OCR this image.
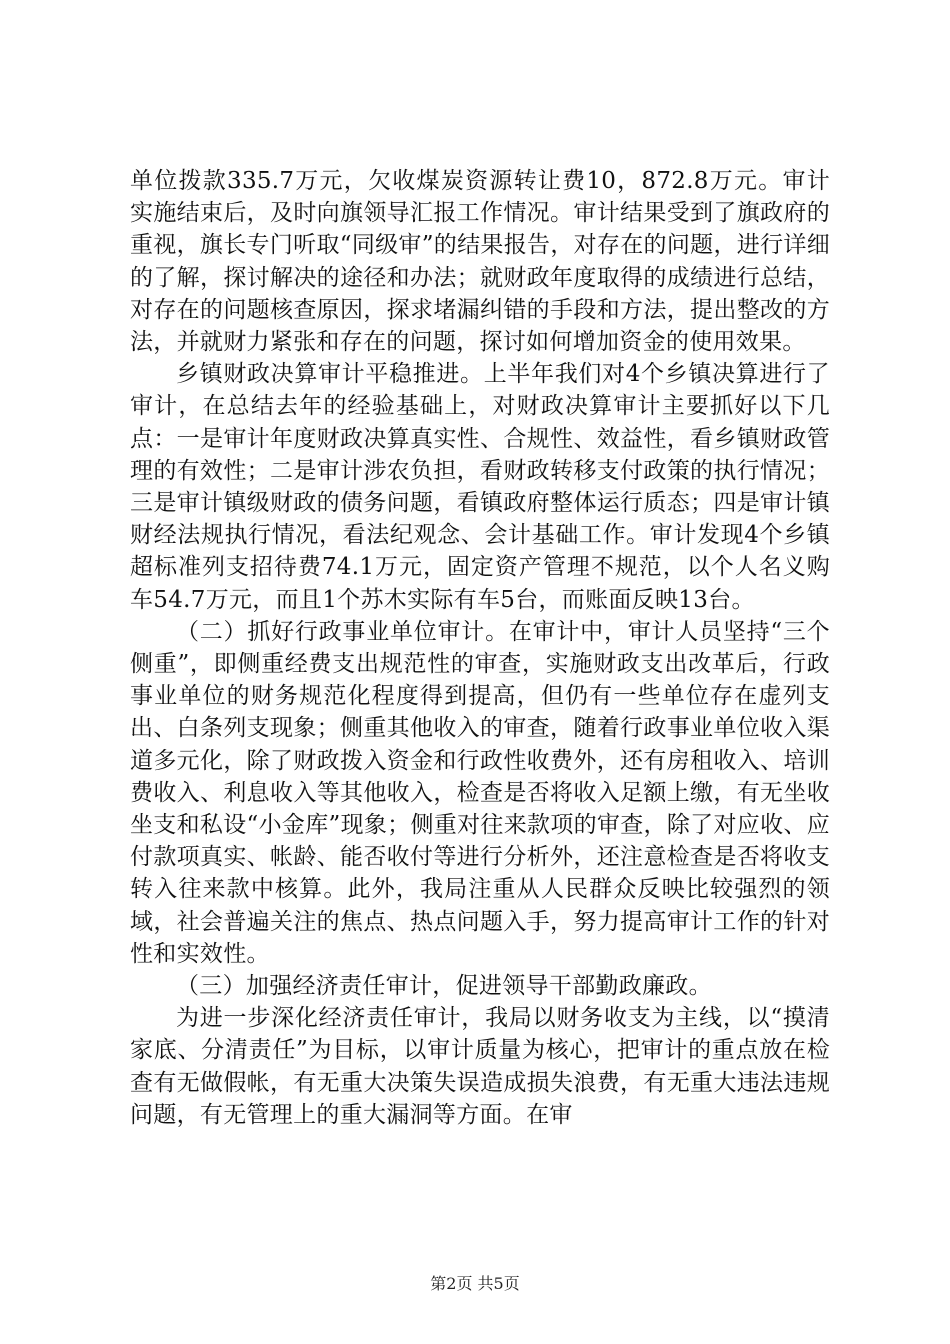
单位拨款335.7万元，欠收煤炭资源转让费10，872.8万元。审计实施结束后，及时向旗领导汇报工作情况。审计结果受到了旗政府的重视，旗长专门听取“同级审”的结果报告，对存在的问题，进行详细的了解，探讨解决的途径和办法；就财政年度取得的成绩进行总结，对存在的问题核查原因，探求堵漏纠错的手段和方法，提出整改的方法，并就财力紧张和存在的问题，探讨如何增加资金的使用效果。

乡镇财政决算审计平稳推进。上半年我们对4个乡镇决算进行了审计，在总结去年的经验基础上，对财政决算审计主要抓好以下几点：一是审计年度财政决算真实性、合规性、效益性，看乡镇财政管理的有效性；二是审计涉农负担，看财政转移支付政策的执行情况；三是审计镇级财政的债务问题，看镇政府整体运行质态；四是审计镇财经法规执行情况，看法纪观念、会计基础工作。审计发现4个乡镇超标准列支招待费74.1万元，固定资产管理不规范，以个人名义购车54.7万元，而且1个苏木实际有车5台，而账面反映13台。

（二）抓好行政事业单位审计。在审计中，审计人员坚持“三个侧重”，即侧重经费支出规范性的审查，实施财政支出改革后，行政事业单位的财务规范化程度得到提高，但仍有一些单位存在虚列支出、白条列支现象；侧重其他收入的审查，随着行政事业单位收入渠道多元化，除了财政拨入资金和行政性收费外，还有房租收入、培训费收入、利息收入等其他收入，检查是否将收入足额上缴，有无坐收坐支和私设“小金库”现象；侧重对往来款项的审查，除了对应收、应付款项真实、帐龄、能否收付等进行分析外，还注意检查是否将收支转入往来款中核算。此外，我局注重从人民群众反映比较强烈的领域，社会普遍关注的焦点、热点问题入手，努力提高审计工作的针对性和实效性。

（三）加强经济责任审计，促进领导干部勤政廉政。

为进一步深化经济责任审计，我局以财务收支为主线，以“摸清家底、分清责任”为目标，以审计质量为核心，把审计的重点放在检查有无做假帐，有无重大决策失误造成损失浪费，有无重大违法违规问题，有无管理上的重大漏洞等方面。在审

第2页 共5页
